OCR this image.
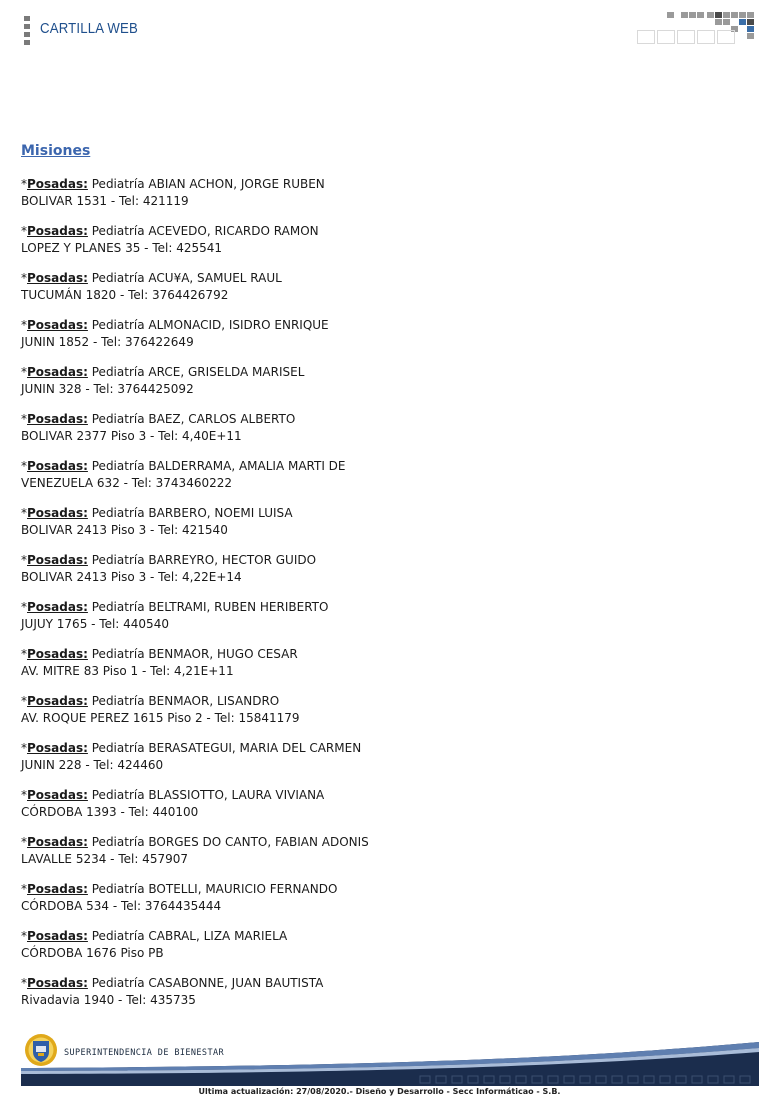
CARTILLA WEB
Misiones
*Posadas: Pediatría ABIAN ACHON, JORGE RUBEN
BOLIVAR 1531 - Tel: 421119
*Posadas: Pediatría ACEVEDO, RICARDO RAMON
LOPEZ Y PLANES 35 - Tel: 425541
*Posadas: Pediatría ACU¥A, SAMUEL RAUL
TUCUMÁN 1820 - Tel: 3764426792
*Posadas: Pediatría ALMONACID, ISIDRO ENRIQUE
JUNIN 1852 - Tel: 376422649
*Posadas: Pediatría ARCE, GRISELDA MARISEL
JUNIN 328 - Tel: 3764425092
*Posadas: Pediatría BAEZ, CARLOS ALBERTO
BOLIVAR 2377 Piso 3 - Tel: 4,40E+11
*Posadas: Pediatría BALDERRAMA, AMALIA MARTI DE
VENEZUELA 632 - Tel: 3743460222
*Posadas: Pediatría BARBERO, NOEMI LUISA
BOLIVAR 2413 Piso 3 - Tel: 421540
*Posadas: Pediatría BARREYRO, HECTOR GUIDO
BOLIVAR 2413 Piso 3 - Tel: 4,22E+14
*Posadas: Pediatría BELTRAMI, RUBEN HERIBERTO
JUJUY 1765 - Tel: 440540
*Posadas: Pediatría BENMAOR, HUGO CESAR
AV. MITRE 83 Piso 1 - Tel: 4,21E+11
*Posadas: Pediatría BENMAOR, LISANDRO
AV. ROQUE PEREZ 1615 Piso 2 - Tel: 15841179
*Posadas: Pediatría BERASATEGUI, MARIA DEL CARMEN
JUNIN 228 - Tel: 424460
*Posadas: Pediatría BLASSIOTTO, LAURA VIVIANA
CÓRDOBA 1393 - Tel: 440100
*Posadas: Pediatría BORGES DO CANTO, FABIAN ADONIS
LAVALLE 5234 - Tel: 457907
*Posadas: Pediatría BOTELLI, MAURICIO FERNANDO
CÓRDOBA 534 - Tel: 3764435444
*Posadas: Pediatría CABRAL, LIZA MARIELA
CÓRDOBA 1676 Piso PB
*Posadas: Pediatría CASABONNE, JUAN BAUTISTA
Rivadavia 1940 - Tel: 435735
SUPERINTENDENCIA DE BIENESTAR
Ultima actualización: 27/08/2020.- Diseño y Desarrollo - Secc Informáticao - S.B.
